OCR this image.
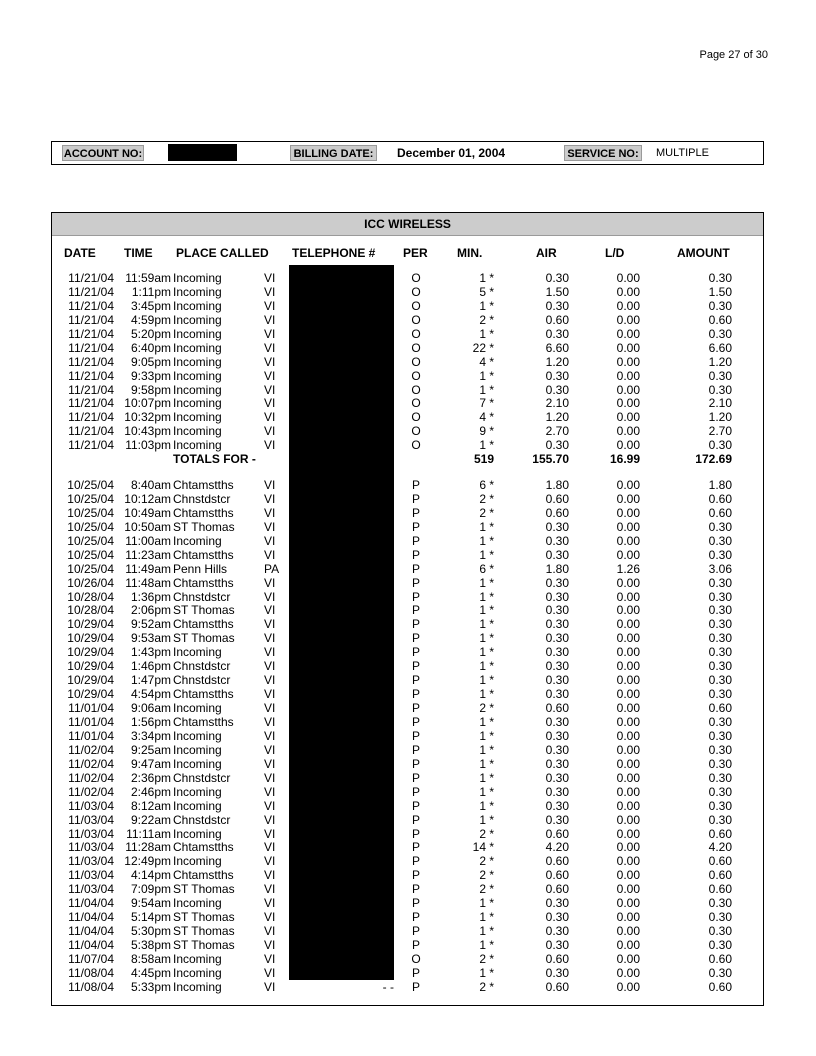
Page 27 of 30
ACCOUNT NO:	BILLING DATE: December 01, 2004	SERVICE NO:	MULTIPLE
ICC WIRELESS
DATE TIME PLACE CALLED TELEPHONE # PER MIN.	AIR	L/D	AMOUNT
11/21/04 11:59am Incoming	VI	O	1 *	0.30	0.00	0.30
11/21/04	1:11pm Incoming	VI	O	5 *	1.50	0.00	1.50
11/21/04	3:45pm Incoming	VI	O	1 *	0.30	0.00	0.30
11/21/04	4:59pm Incoming	VI	O	2 *	0.60	0.00	0.60
11/21/04	5:20pm Incoming	VI	O	1 *	0.30	0.00	0.30
11/21/04	6:40pm Incoming	VI	O	22 *	6.60	0.00	6.60
11/21/04	9:05pm Incoming	VI	O	4 *	1.20	0.00	1.20
11/21/04	9:33pm Incoming	VI	O	1 *	0.30	0.00	0.30
11/21/04	9:58pm Incoming	VI	O	1 *	0.30	0.00	0.30
11/21/04 10:07pm Incoming	VI	O	7 *	2.10	0.00	2.10
11/21/04 10:32pm Incoming	VI	O	4 *	1.20	0.00	1.20
11/21/04 10:43pm Incoming	VI	O	9 *	2.70	0.00	2.70
11/21/04 11:03pm Incoming	VI	O	1 *	0.30	0.00	0.30
TOTALS FOR -	519	155.70	16.99	172.69
10/25/04	8:40am Chtamstths	VI	P	6 *	1.80	0.00	1.80
10/25/04 10:12am Chnstdstcr	VI	P	2 *	0.60	0.00	0.60
10/25/04 10:49am Chtamstths	VI	P	2 *	0.60	0.00	0.60
10/25/04 10:50am ST Thomas	VI	P	1 *	0.30	0.00	0.30
10/25/04 11:00am Incoming	VI	P	1 *	0.30	0.00	0.30
10/25/04 11:23am Chtamstths	VI	P	1 *	0.30	0.00	0.30
10/25/04 11:49am Penn Hills	PA	P	6 *	1.80	1.26	3.06
10/26/04 11:48am Chtamstths	VI	P	1 *	0.30	0.00	0.30
10/28/04	1:36pm Chnstdstcr	VI	P	1 *	0.30	0.00	0.30
10/28/04	2:06pm ST Thomas	VI	P	1 *	0.30	0.00	0.30
10/29/04	9:52am Chtamstths	VI	P	1 *	0.30	0.00	0.30
10/29/04	9:53am ST Thomas	VI	P	1 *	0.30	0.00	0.30
10/29/04	1:43pm Incoming	VI	P	1 *	0.30	0.00	0.30
10/29/04	1:46pm Chnstdstcr	VI	P	1 *	0.30	0.00	0.30
10/29/04	1:47pm Chnstdstcr	VI	P	1 *	0.30	0.00	0.30
10/29/04	4:54pm Chtamstths	VI	P	1 *	0.30	0.00	0.30
11/01/04	9:06am Incoming	VI	P	2 *	0.60	0.00	0.60
11/01/04	1:56pm Chtamstths	VI	P	1 *	0.30	0.00	0.30
11/01/04	3:34pm Incoming	VI	P	1 *	0.30	0.00	0.30
11/02/04	9:25am Incoming	VI	P	1 *	0.30	0.00	0.30
11/02/04	9:47am Incoming	VI	P	1 *	0.30	0.00	0.30
11/02/04	2:36pm Chnstdstcr	VI	P	1 *	0.30	0.00	0.30
11/02/04	2:46pm Incoming	VI	P	1 *	0.30	0.00	0.30
11/03/04	8:12am Incoming	VI	P	1 *	0.30	0.00	0.30
11/03/04	9:22am Chnstdstcr	VI	P	1 *	0.30	0.00	0.30
11/03/04	11:11am Incoming	VI	P	2 *	0.60	0.00	0.60
11/03/04 11:28am Chtamstths	VI	P	14 *	4.20	0.00	4.20
11/03/04 12:49pm Incoming	VI	P	2 *	0.60	0.00	0.60
11/03/04	4:14pm Chtamstths	VI	P	2 *	0.60	0.00	0.60
11/03/04	7:09pm ST Thomas	VI	P	2 *	0.60	0.00	0.60
11/04/04	9:54am Incoming	VI	P	1 *	0.30	0.00	0.30
11/04/04	5:14pm ST Thomas	VI	P	1 *	0.30	0.00	0.30
11/04/04	5:30pm ST Thomas	VI	P	1 *	0.30	0.00	0.30
11/04/04	5:38pm ST Thomas	VI	P	1 *	0.30	0.00	0.30
11/07/04	8:58am Incoming	VI	O	2 *	0.60	0.00	0.60
11/08/04	4:45pm Incoming	VI	P	1 *	0.30	0.00	0.30
11/08/04	5:33pm Incoming	VI	P	2 *	0.60	0.00	0.60
- -
